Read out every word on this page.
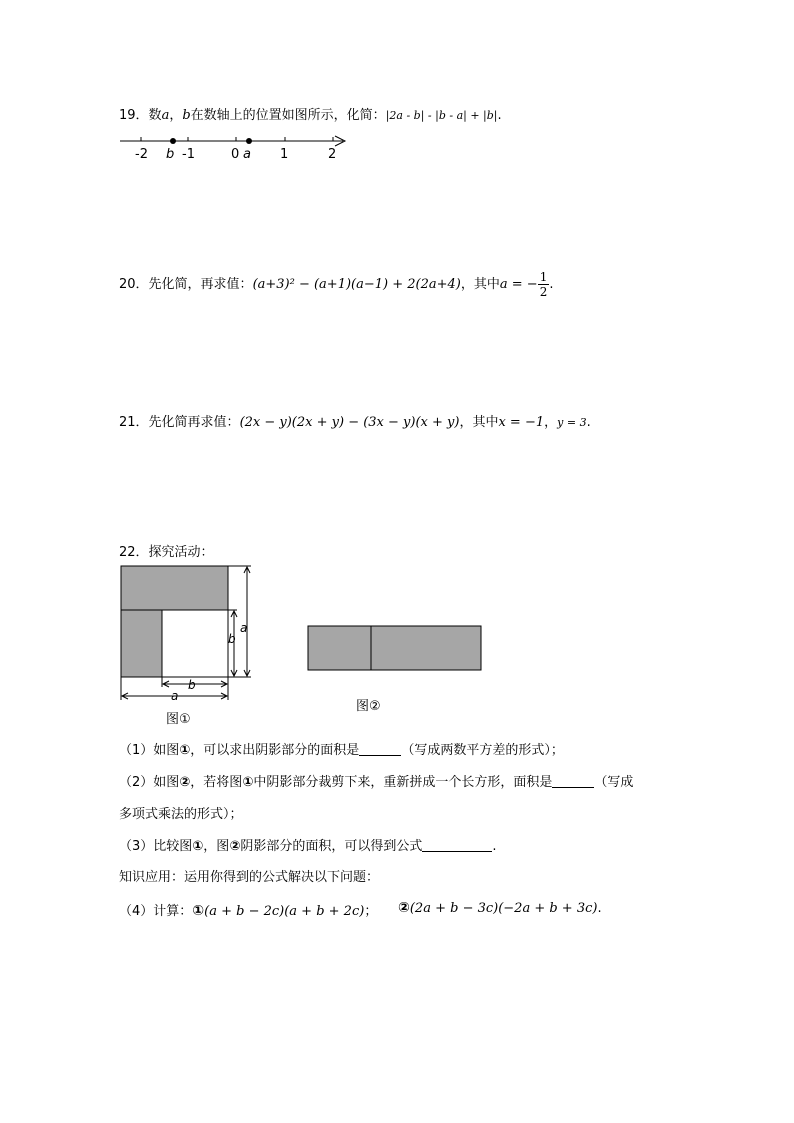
19．数a，b在数轴上的位置如图所示，化简：|2a - b| - |b - a| + |b|.
-2 b -1	0 a 1	2
20．先化简，再求值：(a+3)² − (a+1)(a−1) + 2(2a+4)，其中a = − $\frac{1}{2}$ .
21．先化简再求值：(2x − y)(2x + y) − (3x − y)(x + y)，其中x = −1，y = 3.
22．探究活动：
a
b
b
a
图①
图②
（1）如图①，可以求出阴影部分的面积是	（写成两数平方差的形式）；
（2）如图②，若将图①中阴影部分裁剪下来，重新拼成一个长方形，面积是	（写成
多项式乘法的形式）；
（3）比较图①，图②阴影部分的面积，可以得到公式	.
知识应用：运用你得到的公式解决以下问题：
（4）计算：①(a + b − 2c)(a + b + 2c)； ②(2a + b − 3c)(−2a + b + 3c).
